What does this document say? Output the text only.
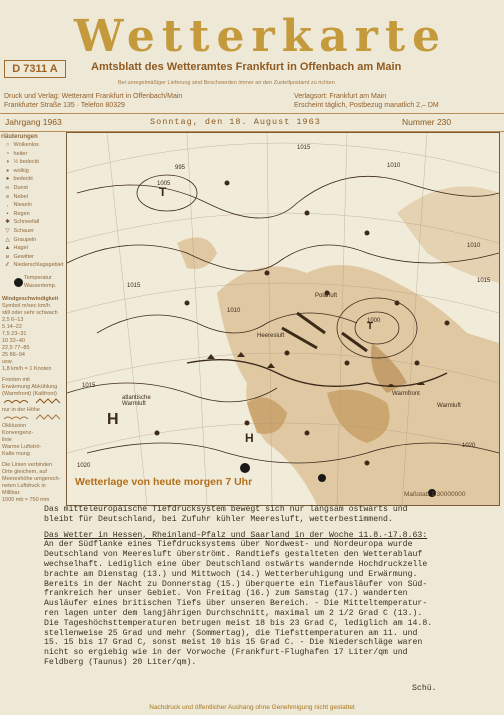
Wetterkarte
D 7311 A	Amtsblatt des Wetteramtes Frankfurt in Offenbach am Main
Bei unregelmäßiger Lieferung sind Beschwerden immer an den Zustellpostamt zu richten
Druck und Verlag: Wetteramt Frankfurt in Offenbach/Main
Frankfurter Straße 135 · Telefon 80329
Verlagsort: Frankfurt am Main
Erscheint täglich, Postbezug manatlich 2,– DM
Jahrgang 1963	Sonntag, den 18. August 1963	Nummer 230
rläuterungen
○ Wolkenlos
◔ heiter
◑ ½ bedeckt
◕ wolkig
● bedeckt
∞ Dunst
≡ Nebel
, Nieseln
• Regen
✱ Schneefall
▽ Schauer
△ Graupeln
▲ Hagel
ʁ Gewitter
⁄⁄ Niederschlagsgebiet
Temperatur
Wassertemp.
Windgeschwindigkeit
Symbol m/sec km/h
still oder sehr schwach
2,5 6–13
5 14–22
7,5 23–31
10 32–40
22,5 77–85
25 86–94
usw.
1,8 km/h = 1 Knoten
Fronten mit
Erwärmung Abkühlung
(Warmfront) (Kaltfront)
nur in der Höhe
Okklusion
Konvergenz-
linie
Warme Luftströ-
Kalte mung
Die Linien verbinden
Orte gleichem, auf
Meereshöhe umgerech-
neten Luftdruck in
Millibar.
1000 mb ≈ 750 mm
1015
1010
1005
1000
995
1015
1020
1010
1015
1010
1015
1020
Warmfront
atlantische Warmluft
Polarluft
Heeresluft
Warmluft
H
H
T
T
Wetterlage von heute morgen 7 Uhr
Maßstab 1:30000000

Das mitteleuropäische Tiefdrucksystem bewegt sich nur langsam ostwärts und

bleibt für Deutschland, bei Zufuhr kühler Meeresluft, wetterbestimmend.

Das Wetter in Hessen, Rheinland-Pfalz und Saarland in der Woche 11.8.-17.8.63:

An der Südflanke eines Tiefdrucksystems über Nordwest- und Nordeuropa wurde

Deutschland von Meeresluft überströmt. Randtiefs gestalteten den Wetterablauf

wechselhaft. Lediglich eine über Deutschland ostwärts wandernde Hochdruckzelle

brachte am Dienstag (13.) und Mittwoch (14.) Wetterberuhigung und Erwärmung.

Bereits in der Nacht zu Donnerstag (15.) überquerte ein Tiefausläufer von Süd-

frankreich her unser Gebiet. Von Freitag (16.) zum Samstag (17.) wanderten

Ausläufer eines britischen Tiefs über unseren Bereich. - Die Mitteltemperatur-

ren lagen unter dem langjährigen Durchschnitt, maximal um 2 1/2 Grad C (13.).

Die Tageshöchsttemperaturen betrugen meist 18 bis 23 Grad C, lediglich am 14.8.

stellenweise 25 Grad und mehr (Sommertag), die Tiefsttemperaturen am 11. und

15. 15 bis 17 Grad C, sonst meist 10 bis 15 Grad C. - Die Niederschläge waren

nicht so ergiebig wie in der Vorwoche (Frankfurt-Flughafen 17 Liter/qm und

Feldberg (Taunus) 20 Liter/qm).

Schü.
Nachdruck und öffentlicher Aushang ohne Genehmigung nicht gestattet
